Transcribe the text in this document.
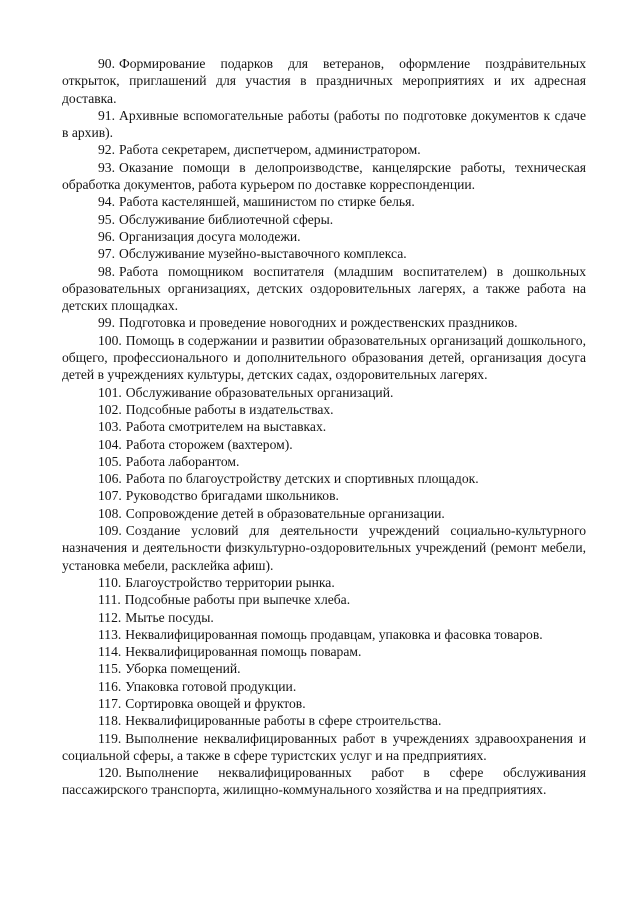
90. Формирование подарков для ветеранов, оформление поздравительных открыток, приглашений для участия в праздничных мероприятиях и их адресная доставка.

91. Архивные вспомогательные работы (работы по подготовке документов к сдаче в архив).

92. Работа секретарем, диспетчером, администратором.

93. Оказание помощи в делопроизводстве, канцелярские работы, техническая обработка документов, работа курьером по доставке корреспонденции.

94. Работа кастеляншей, машинистом по стирке белья.

95. Обслуживание библиотечной сферы.

96. Организация досуга молодежи.

97. Обслуживание музейно-выставочного комплекса.

98. Работа помощником воспитателя (младшим воспитателем) в дошкольных образовательных организациях, детских оздоровительных лагерях, а также работа на детских площадках.

99. Подготовка и проведение новогодних и рождественских праздников.

100. Помощь в содержании и развитии образовательных организаций дошкольного, общего, профессионального и дополнительного образования детей, организация досуга детей в учреждениях культуры, детских садах, оздоровительных лагерях.

101. Обслуживание образовательных организаций.

102. Подсобные работы в издательствах.

103. Работа смотрителем на выставках.

104. Работа сторожем (вахтером).

105. Работа лаборантом.

106. Работа по благоустройству детских и спортивных площадок.

107. Руководство бригадами школьников.

108. Сопровождение детей в образовательные организации.

109. Создание условий для деятельности учреждений социально-культурного назначения и деятельности физкультурно-оздоровительных учреждений (ремонт мебели, установка мебели, расклейка афиш).

110. Благоустройство территории рынка.

111. Подсобные работы при выпечке хлеба.

112. Мытье посуды.

113. Неквалифицированная помощь продавцам, упаковка и фасовка товаров.

114. Неквалифицированная помощь поварам.

115. Уборка помещений.

116. Упаковка готовой продукции.

117. Сортировка овощей и фруктов.

118. Неквалифицированные работы в сфере строительства.

119. Выполнение неквалифицированных работ в учреждениях здравоохранения и социальной сферы, а также в сфере туристских услуг и на предприятиях.

120. Выполнение неквалифицированных работ в сфере обслуживания пассажирского транспорта, жилищно-коммунального хозяйства и на предприятиях.
